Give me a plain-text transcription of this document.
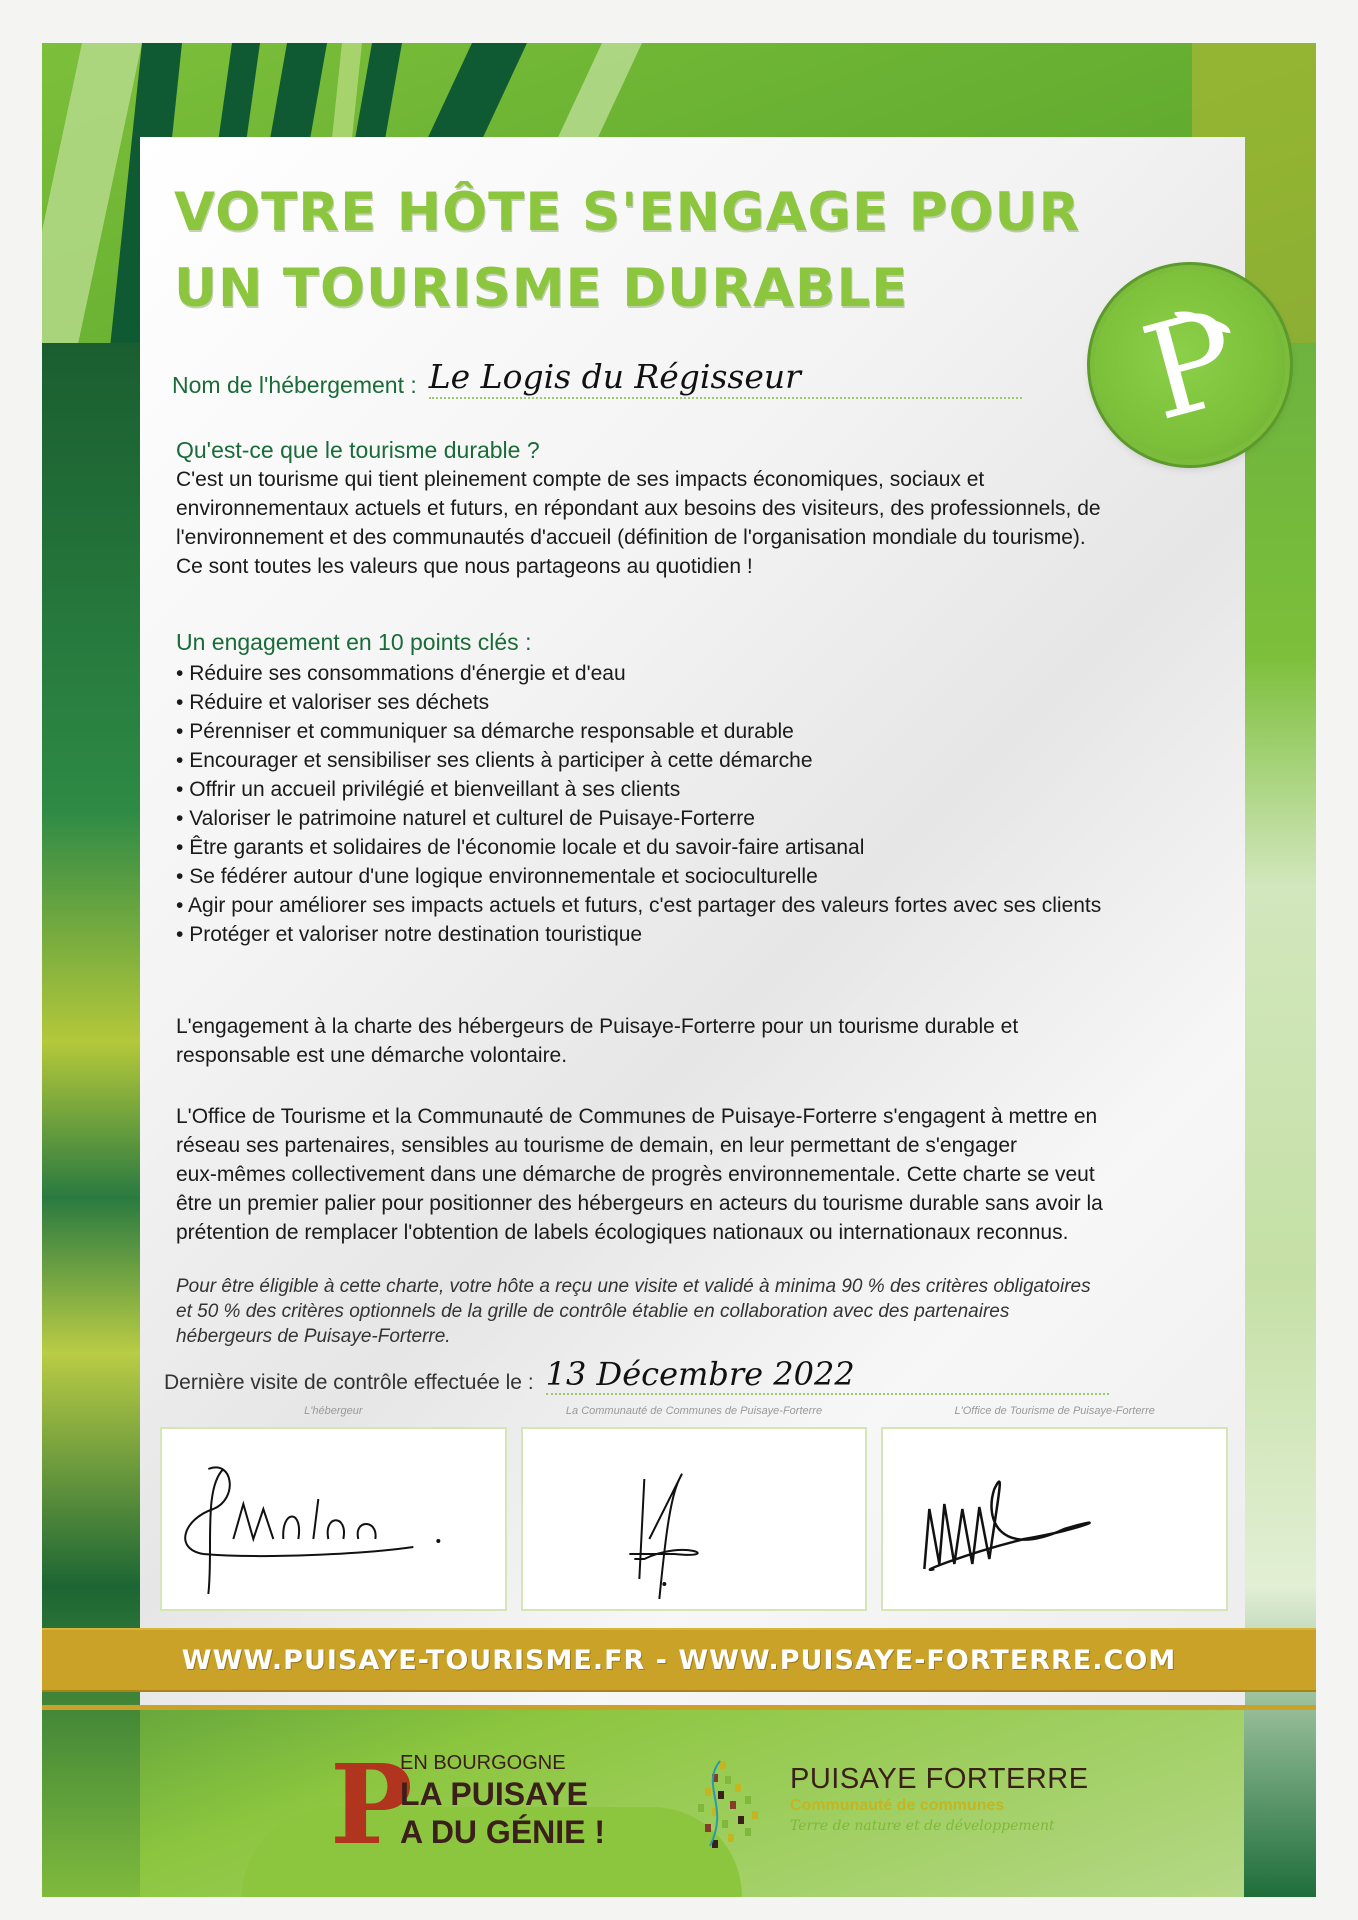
VOTRE HÔTE S'ENGAGE POUR
UN TOURISME DURABLE	P
Nom de l'hébergement : Le Logis du Régisseur
Qu'est-ce que le tourisme durable ?

C'est un tourisme qui tient pleinement compte de ses impacts économiques, sociaux et
environnementaux actuels et futurs, en répondant aux besoins des visiteurs, des professionnels, de
l'environnement et des communautés d'accueil (définition de l'organisation mondiale du tourisme).
Ce sont toutes les valeurs que nous partageons au quotidien !

Un engagement en 10 points clés :
• Réduire ses consommations d'énergie et d'eau
• Réduire et valoriser ses déchets
• Pérenniser et communiquer sa démarche responsable et durable
• Encourager et sensibiliser ses clients à participer à cette démarche
• Offrir un accueil privilégié et bienveillant à ses clients
• Valoriser le patrimoine naturel et culturel de Puisaye-Forterre
• Être garants et solidaires de l'économie locale et du savoir-faire artisanal
• Se fédérer autour d'une logique environnementale et socioculturelle
• Agir pour améliorer ses impacts actuels et futurs, c'est partager des valeurs fortes avec ses clients
• Protéger et valoriser notre destination touristique

L'engagement à la charte des hébergeurs de Puisaye-Forterre pour un tourisme durable et
responsable est une démarche volontaire.

L'Office de Tourisme et la Communauté de Communes de Puisaye-Forterre s'engagent à mettre en
réseau ses partenaires, sensibles au tourisme de demain, en leur permettant de s'engager
eux-mêmes collectivement dans une démarche de progrès environnementale. Cette charte se veut
être un premier palier pour positionner des hébergeurs en acteurs du tourisme durable sans avoir la
prétention de remplacer l'obtention de labels écologiques nationaux ou internationaux reconnus.

Pour être éligible à cette charte, votre hôte a reçu une visite et validé à minima 90 % des critères obligatoires
et 50 % des critères optionnels de la grille de contrôle établie en collaboration avec des partenaires
hébergeurs de Puisaye-Forterre.

Dernière visite de contrôle effectuée le : 13 Décembre 2022
L'hébergeur	La Communauté de Communes de Puisaye-Forterre	L'Office de Tourisme de Puisaye-Forterre
WWW.PUISAYE-TOURISME.FR - WWW.PUISAYE-FORTERRE.COM
P
EN BOURGOGNE
LA PUISAYE
A DU GÉNIE !
PUISAYE FORTERRE
Communauté de communes
Terre de nature et de développement
